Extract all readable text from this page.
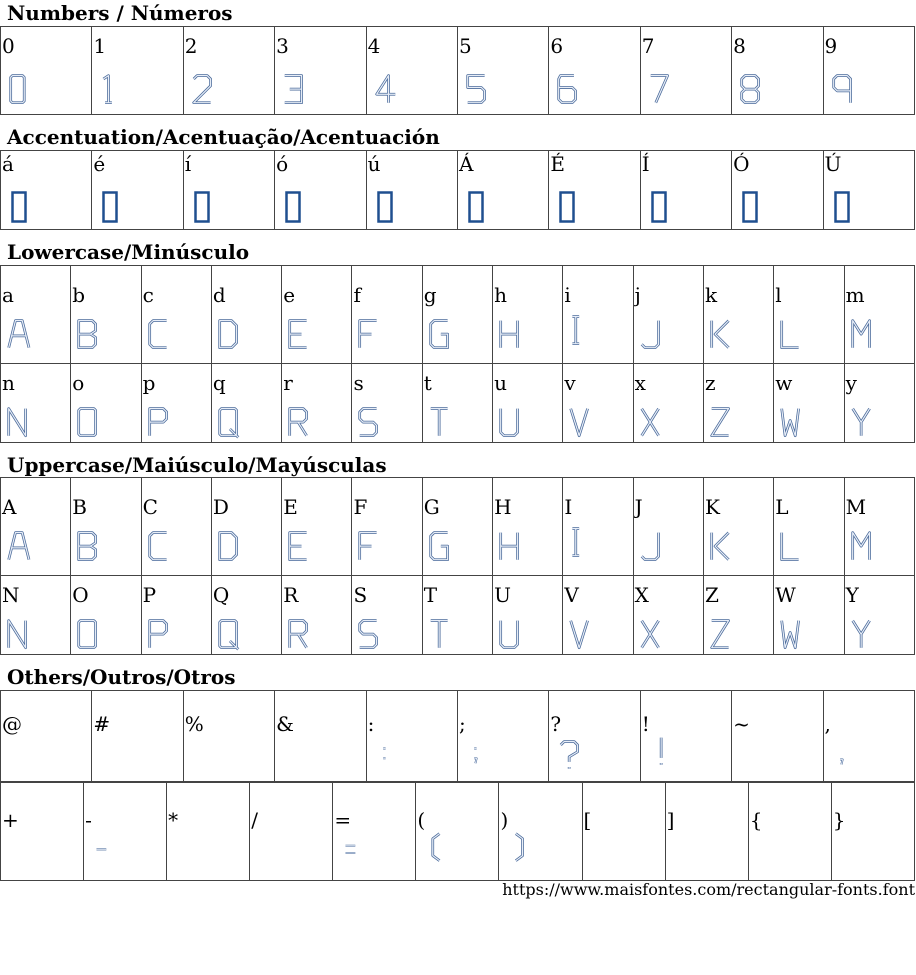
Numbers / Números
0	1	2	3	4	5	6	7	8	9
Accentuation/Acentuação/Acentuación
á	é	í	ó	ú	Á	É	Í	Ó	Ú
Lowercase/Minúsculo
a	b	c	d	e	f	g	h	i	j	k	l	m

n	o	p	q	r	s	t	u	v	x	z	w	y
Uppercase/Maiúsculo/Mayúsculas
A	B	C	D	E	F	G	H	I	J	K	L	M

N	O	P	Q	R	S	T	U	V	X	Z	W	Y
Others/Outros/Otros
@	#	%	&	:	;	?	!	~	,
+	-	*	/	=	(	)	[	]	{	}
https://www.maisfontes.com/rectangular-fonts.font
